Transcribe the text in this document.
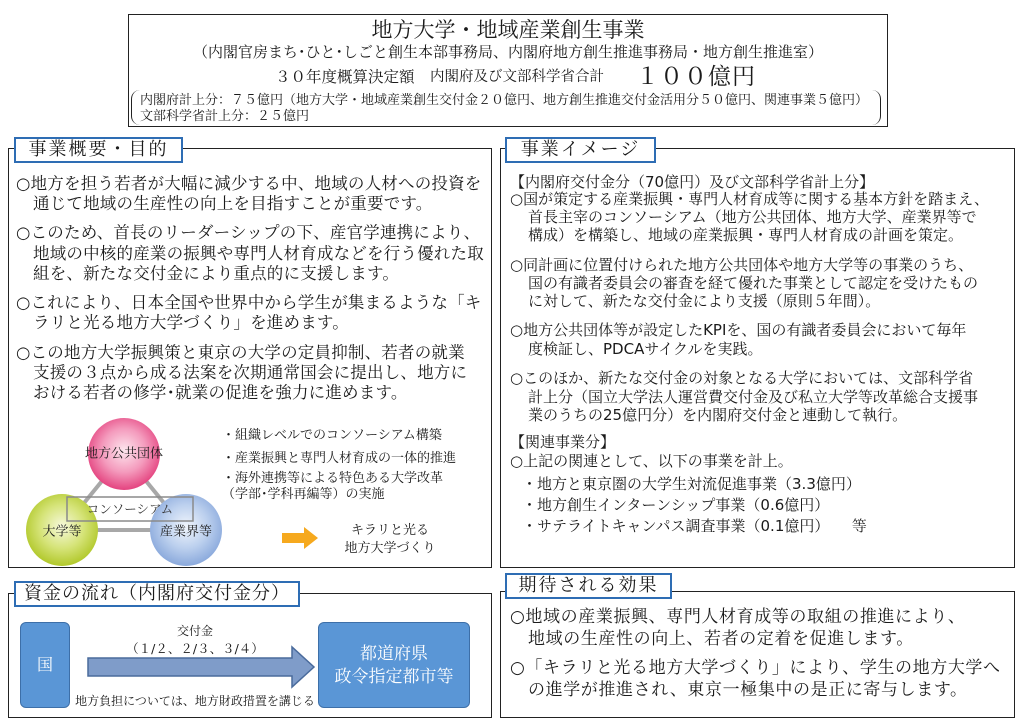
地方大学・地域産業創生事業
（内閣官房まち･ひと･しごと創生本部事務局、内閣府地方創生推進事務局・地方創生推進室）
３０年度概算決定額 内閣府及び文部科学省合計 １００億円
内閣府計上分：７５億円（地方大学・地域産業創生交付金２０億円、地方創生推進交付金活用分５０億円、関連事業５億円）
文部科学省計上分：２５億円
事業概要・目的
○地方を担う若者が大幅に減少する中、地域の人材への投資を
通じて地域の生産性の向上を目指すことが重要です。
○このため、首長のリーダーシップの下、産官学連携により、
地域の中核的産業の振興や専門人材育成などを行う優れた取
組を、新たな交付金により重点的に支援します。
○これにより、日本全国や世界中から学生が集まるような「キ
ラリと光る地方大学づくり」を進めます。
○この地方大学振興策と東京の大学の定員抑制、若者の就業
支援の３点から成る法案を次期通常国会に提出し、地方に
おける若者の修学･就業の促進を強力に進めます。
コンソーシアム
地方公共団体
大学等	産業界等
・組織レベルでのコンソーシアム構築
・産業振興と専門人材育成の一体的推進
・海外連携等による特色ある大学改革
（学部･学科再編等）の実施
キラリと光る
地方大学づくり
事業イメージ
【内閣府交付金分（70億円）及び文部科学省計上分】
○国が策定する産業振興・専門人材育成等に関する基本方針を踏まえ、
首長主宰のコンソーシアム（地方公共団体、地方大学、産業界等で
構成）を構築し、地域の産業振興・専門人材育成の計画を策定。
○同計画に位置付けられた地方公共団体や地方大学等の事業のうち、
国の有識者委員会の審査を経て優れた事業として認定を受けたもの
に対して、新たな交付金により支援（原則５年間）。
○地方公共団体等が設定したKPIを、国の有識者委員会において毎年
度検証し、PDCAサイクルを実践。
○このほか、新たな交付金の対象となる大学においては、文部科学省
計上分（国立大学法人運営費交付金及び私立大学等改革総合支援事
業のうちの25億円分）を内閣府交付金と連動して執行。
【関連事業分】
○上記の関連として、以下の事業を計上。
・地方と東京圏の大学生対流促進事業（3.3億円）
・地方創生インターンシップ事業（0.6億円）
・サテライトキャンパス調査事業（0.1億円）　　等
資金の流れ（内閣府交付金分）
国
交付金
（１/２、２/３、３/４）
地方負担については、地方財政措置を講じる
都道府県
政令指定都市等
期待される効果
○地域の産業振興、専門人材育成等の取組の推進により、
地域の生産性の向上、若者の定着を促進します。
○「キラリと光る地方大学づくり」により、学生の地方大学へ
の進学が推進され、東京一極集中の是正に寄与します。
